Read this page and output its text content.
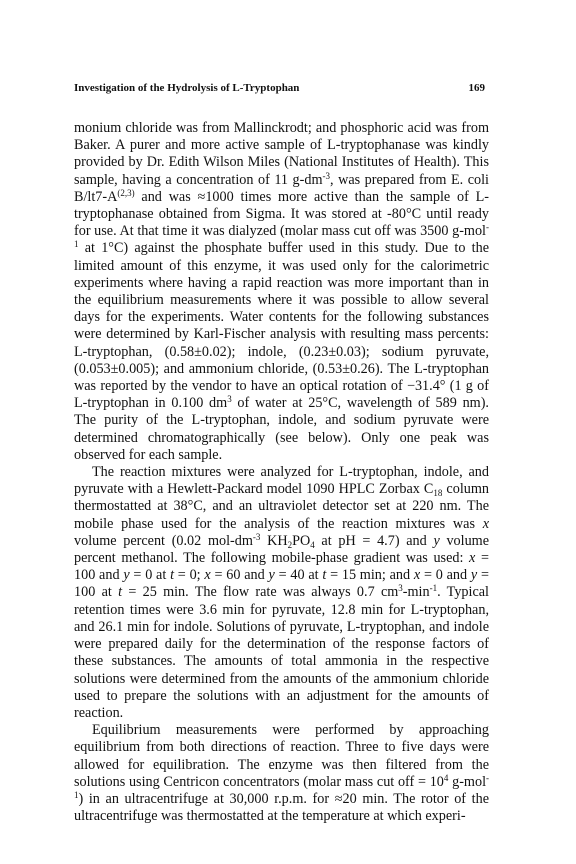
Investigation of the Hydrolysis of L-Tryptophan	169

monium chloride was from Mallinckrodt; and phosphoric acid was from Baker. A purer and more active sample of L-tryptophanase was kindly provided by Dr. Edith Wilson Miles (National Institutes of Health). This sample, having a concentration of 11 $g-dm^{-3}$, was prepared from E. coli $B/lt7-A^{(2,3)}$ and was ≈1000 times more active than the sample of L-tryptophanase obtained from Sigma. It was stored at -80°C until ready for use. At that time it was dialyzed (molar mass cut off was 3500 g-mol$^{-1}$ at 1°C) against the phosphate buffer used in this study. Due to the limited amount of this enzyme, it was used only for the calorimetric experiments where having a rapid reaction was more important than in the equilibrium measurements where it was possible to allow several days for the experiments. Water contents for the following substances were determined by Karl-Fischer analysis with resulting mass percents: L-tryptophan, (0.58±0.02); indole, (0.23±0.03); sodium pyruvate, (0.053±0.005); and ammonium chloride, (0.53±0.26). The L-tryptophan was reported by the vendor to have an optical rotation of −31.4° (1 g of L-tryptophan in 0.100 $dm^3$ of water at 25°C, wavelength of 589 nm). The purity of the L-tryptophan, indole, and sodium pyruvate were determined chromatographically (see below). Only one peak was observed for each sample.

The reaction mixtures were analyzed for L-tryptophan, indole, and pyruvate with a Hewlett-Packard model 1090 HPLC Zorbax $C_{18}$ column thermostatted at 38°C, and an ultraviolet detector set at 220 nm. The mobile phase used for the analysis of the reaction mixtures was x volume percent (0.02 mol-$dm^{-3}$ $KH_2PO_4$ at pH = 4.7) and y volume percent methanol. The following mobile-phase gradient was used: x = 100 and y = 0 at t = 0; x = 60 and y = 40 at t = 15 min; and x = 0 and y = 100 at t = 25 min. The flow rate was always 0.7 $cm^3-\min^{-1}$. Typical retention times were 3.6 min for pyruvate, 12.8 min for L-tryptophan, and 26.1 min for indole. Solutions of pyruvate, L-tryptophan, and indole were prepared daily for the determination of the response factors of these substances. The amounts of total ammonia in the respective solutions were determined from the amounts of the ammonium chloride used to prepare the solutions with an adjustment for the amounts of reaction.

Equilibrium measurements were performed by approaching equilibrium from both directions of reaction. Three to five days were allowed for equilibration. The enzyme was then filtered from the solutions using Centricon concentrators (molar mass cut off = $10^4$ g-mol$^{-1}$) in an ultracentrifuge at 30,000 r.p.m. for ≈20 min. The rotor of the ultracentrifuge was thermostatted at the temperature at which experi-
